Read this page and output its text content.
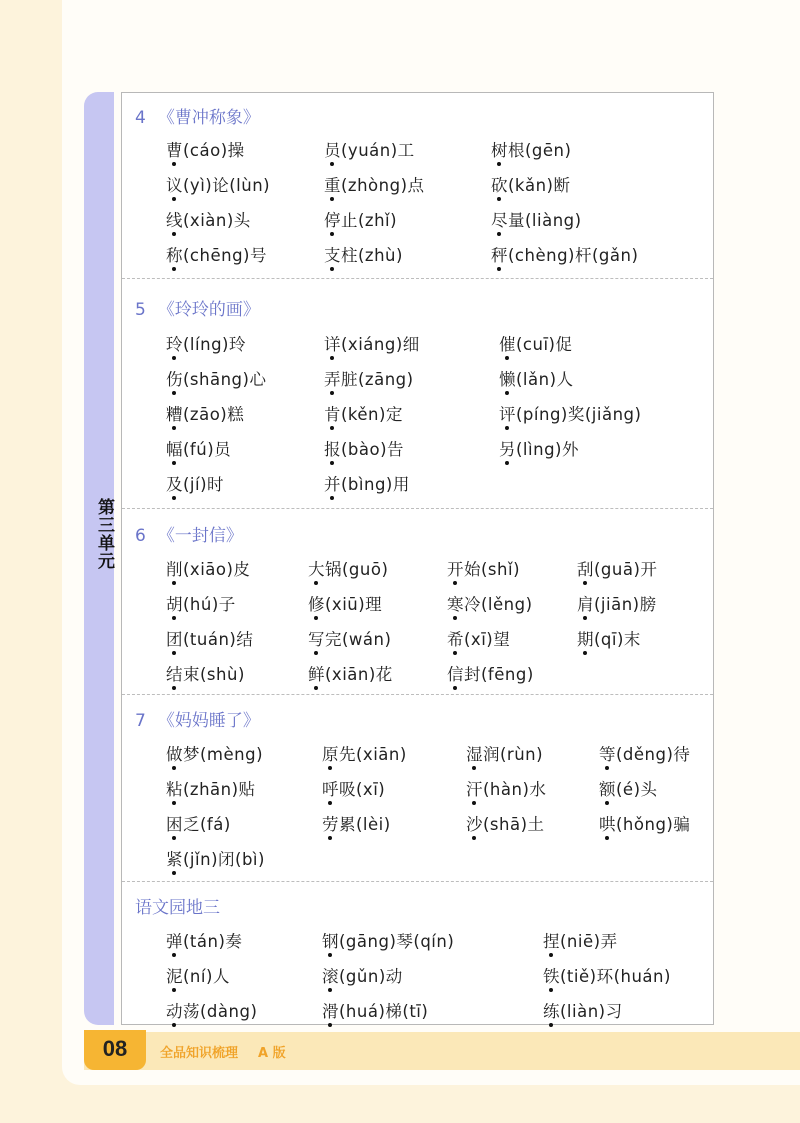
第三单元
4 《曹冲称象》
曹(cáo)操	员(yuán)工	树根(gēn)
议(yì)论(lùn)	重(zhòng)点	砍(kǎn)断
线(xiàn)头	停止(zhǐ)	尽量(liàng)
称(chēng)号	支柱(zhù)	秤(chèng)杆(gǎn)
5 《玲玲的画》
玲(líng)玲	详(xiáng)细	催(cuī)促
伤(shāng)心	弄脏(zāng)	懒(lǎn)人
糟(zāo)糕	肯(kěn)定	评(píng)奖(jiǎng)
幅(fú)员	报(bào)告	另(lìng)外
及(jí)时	并(bìng)用
6 《一封信》
削(xiāo)皮	大锅(guō)	开始(shǐ)	刮(guā)开
胡(hú)子	修(xiū)理	寒冷(lěng)	肩(jiān)膀
团(tuán)结	写完(wán)	希(xī)望	期(qī)末
结束(shù)	鲜(xiān)花	信封(fēng)
7 《妈妈睡了》
做梦(mèng)	原先(xiān)	湿润(rùn)	等(děng)待
粘(zhān)贴	呼吸(xī)	汗(hàn)水	额(é)头
困乏(fá)	劳累(lèi)	沙(shā)土	哄(hǒng)骗
紧(jǐn)闭(bì)
语文园地三
弹(tán)奏	钢(gāng)琴(qín)	捏(niē)弄
泥(ní)人	滚(gǔn)动	铁(tiě)环(huán)
动荡(dàng)	滑(huá)梯(tī)	练(liàn)习
08	全品知识梳理 A 版
